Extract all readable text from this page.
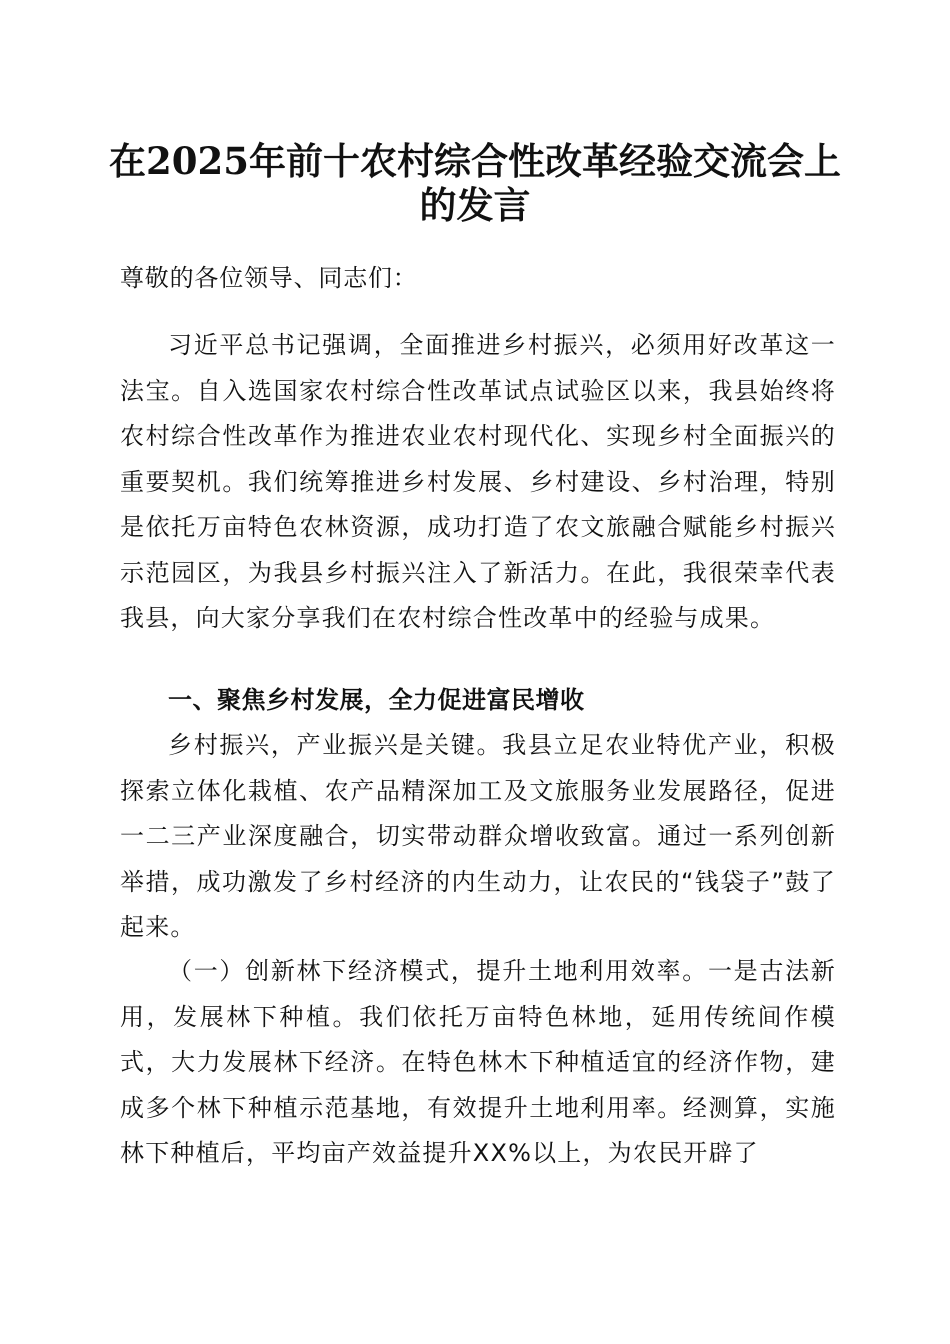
在2025年前十农村综合性改革经验交流会上
的发言

尊敬的各位领导、同志们：

习近平总书记强调，全面推进乡村振兴，必须用好改革这一法宝。自入选国家农村综合性改革试点试验区以来，我县始终将农村综合性改革作为推进农业农村现代化、实现乡村全面振兴的重要契机。我们统筹推进乡村发展、乡村建设、乡村治理，特别是依托万亩特色农林资源，成功打造了农文旅融合赋能乡村振兴示范园区，为我县乡村振兴注入了新活力。在此，我很荣幸代表我县，向大家分享我们在农村综合性改革中的经验与成果。

一、聚焦乡村发展，全力促进富民增收

乡村振兴，产业振兴是关键。我县立足农业特优产业，积极探索立体化栽植、农产品精深加工及文旅服务业发展路径，促进一二三产业深度融合，切实带动群众增收致富。通过一系列创新举措，成功激发了乡村经济的内生动力，让农民的“钱袋子”鼓了起来。

（一）创新林下经济模式，提升土地利用效率。一是古法新用，发展林下种植。我们依托万亩特色林地，延用传统间作模式，大力发展林下经济。在特色林木下种植适宜的经济作物，建成多个林下种植示范基地，有效提升土地利用率。经测算，实施林下种植后，平均亩产效益提升XX%以上，为农民开辟了
